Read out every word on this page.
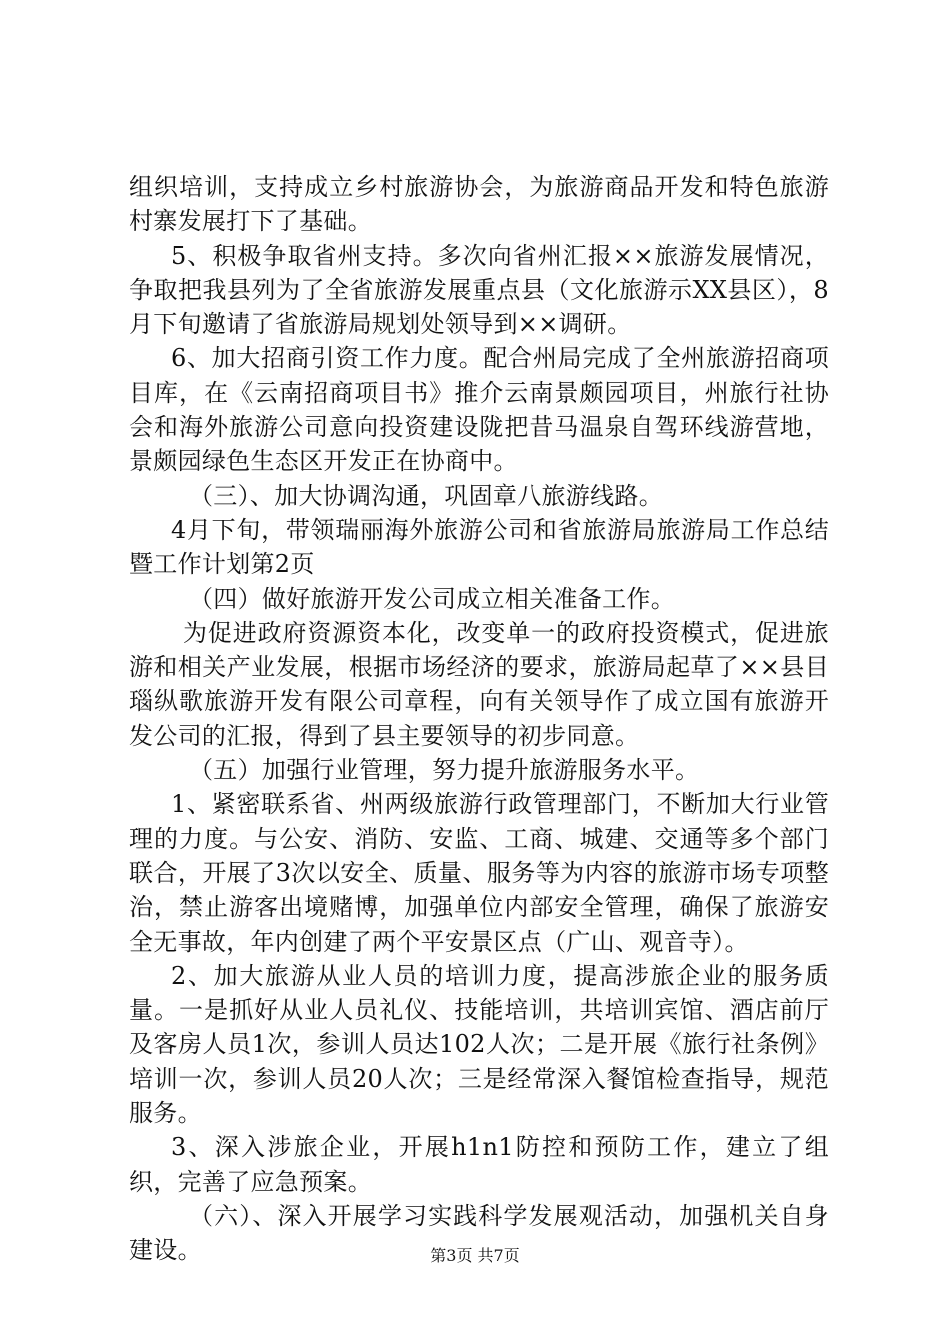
组织培训，支持成立乡村旅游协会，为旅游商品开发和特色旅游村寨发展打下了基础。

5、积极争取省州支持。多次向省州汇报××旅游发展情况，争取把我县列为了全省旅游发展重点县（文化旅游示XX县区），8月下旬邀请了省旅游局规划处领导到××调研。

6、加大招商引资工作力度。配合州局完成了全州旅游招商项目库，在《云南招商项目书》推介云南景颇园项目，州旅行社协会和海外旅游公司意向投资建设陇把昔马温泉自驾环线游营地，景颇园绿色生态区开发正在协商中。

（三）、加大协调沟通，巩固章八旅游线路。

4月下旬，带领瑞丽海外旅游公司和省旅游局旅游局工作总结暨工作计划第2页

（四）做好旅游开发公司成立相关准备工作。

为促进政府资源资本化，改变单一的政府投资模式，促进旅游和相关产业发展，根据市场经济的要求，旅游局起草了××县目瑙纵歌旅游开发有限公司章程，向有关领导作了成立国有旅游开发公司的汇报，得到了县主要领导的初步同意。

（五）加强行业管理，努力提升旅游服务水平。

1、紧密联系省、州两级旅游行政管理部门，不断加大行业管理的力度。与公安、消防、安监、工商、城建、交通等多个部门联合，开展了3次以安全、质量、服务等为内容的旅游市场专项整治，禁止游客出境赌博，加强单位内部安全管理，确保了旅游安全无事故，年内创建了两个平安景区点（广山、观音寺）。

2、加大旅游从业人员的培训力度，提高涉旅企业的服务质量。一是抓好从业人员礼仪、技能培训，共培训宾馆、酒店前厅及客房人员1次，参训人员达102人次；二是开展《旅行社条例》培训一次，参训人员20人次；三是经常深入餐馆检查指导，规范服务。

3、深入涉旅企业，开展h1n1防控和预防工作，建立了组织，完善了应急预案。

（六）、深入开展学习实践科学发展观活动，加强机关自身建设。	第3页 共7页
